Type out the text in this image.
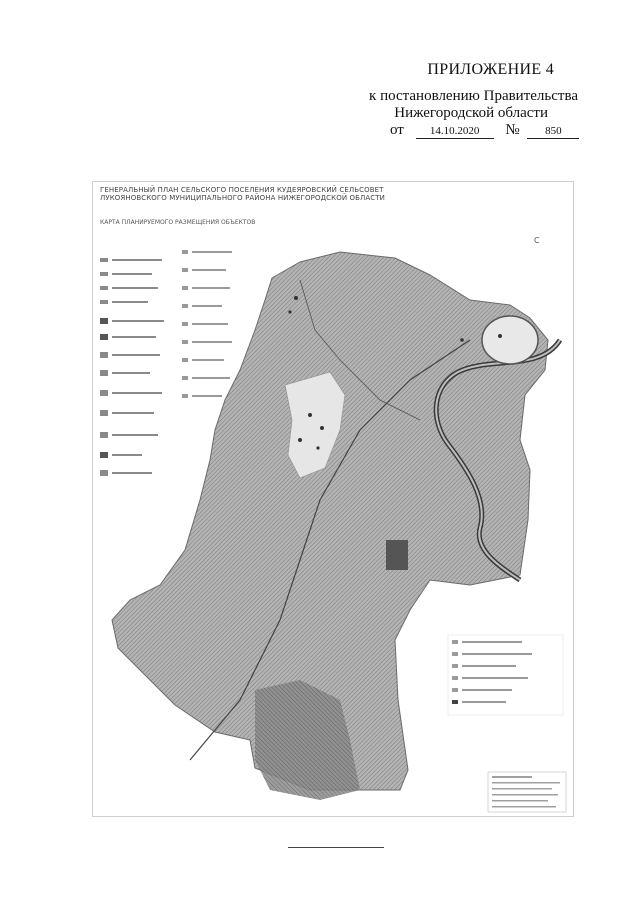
ПРИЛОЖЕНИЕ 4
к постановлению Правительства
Нижегородской области
от 14.10.2020 № 850
ГЕНЕРАЛЬНЫЙ ПЛАН СЕЛЬСКОГО ПОСЕЛЕНИЯ КУДЕЯРОВСКИЙ СЕЛЬСОВЕТ
ЛУКОЯНОВСКОГО МУНИЦИПАЛЬНОГО РАЙОНА НИЖЕГОРОДСКОЙ ОБЛАСТИ
КАРТА ПЛАНИРУЕМОГО РАЗМЕЩЕНИЯ ОБЪЕКТОВ
С
